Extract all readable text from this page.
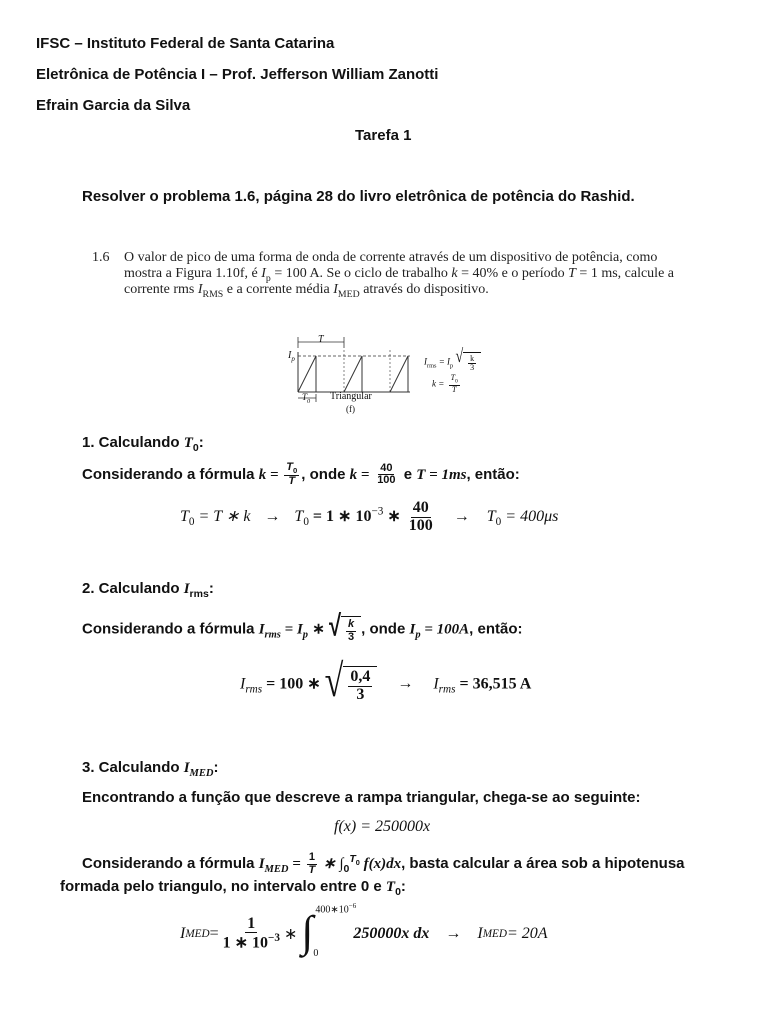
IFSC – Instituto Federal de Santa Catarina
Eletrônica de Potência I – Prof. Jefferson William Zanotti
Efrain Garcia da Silva
Tarefa 1
Resolver o problema 1.6, página 28 do livro eletrônica de potência do Rashid.
1.6 O valor de pico de uma forma de onda de corrente através de um dispositivo de potência, como
mostra a Figura 1.10f, é $I_p = 100$ A. Se o ciclo de trabalho k = 40% e o período T = 1 ms, calcule a
corrente rms $I_{RMS}$ e a corrente média $I_{MED}$ através do dispositivo.
T
$I_p$
$T_0$ Triangular
(f)
$I_{rms} = I_p$ √ $\frac{k}{3}$
$k = \frac{T_0}{T}$
1. Calculando $T_0$:
Considerando a fórmula $k = \frac{T_0}{T}$ , onde $k = \frac{40}{100}$ e T = 1ms, então:
$T_0 = T$ ∗ $k \to T_0 = 1$ ∗ $10^{-3}$ ∗ $\frac{40}{100} \to T_0 = 400\mu s$
2. Calculando $I_{rms}$:
Considerando a fórmula $I_{rms} = I_p$ ∗ √ $\frac{k}{3}$ , onde $I_p = 100A$, então:
$I_{rms} = 100$ ∗ √ $\frac{0,4}{3} \to I_{rms} = 36,515$ A
3. Calculando $I_{MED}$:
Encontrando a função que descreve a rampa triangular, chega-se ao seguinte:
f(x) = 250000x
Considerando a fórmula $I_{MED} = \frac{1}{T}$ ∗ $\int_0^{T_0}$ f(x)dx, basta calcular a área sob a hipotenusa
formada pelo triangulo, no intervalo entre 0 e $T_0$:
I MED = $\frac{1}{1 ∗ 10^{-3}}$ ∗ ∫ $400∗10^{-6}$
0
250000x dx	→	I MED = 20A
